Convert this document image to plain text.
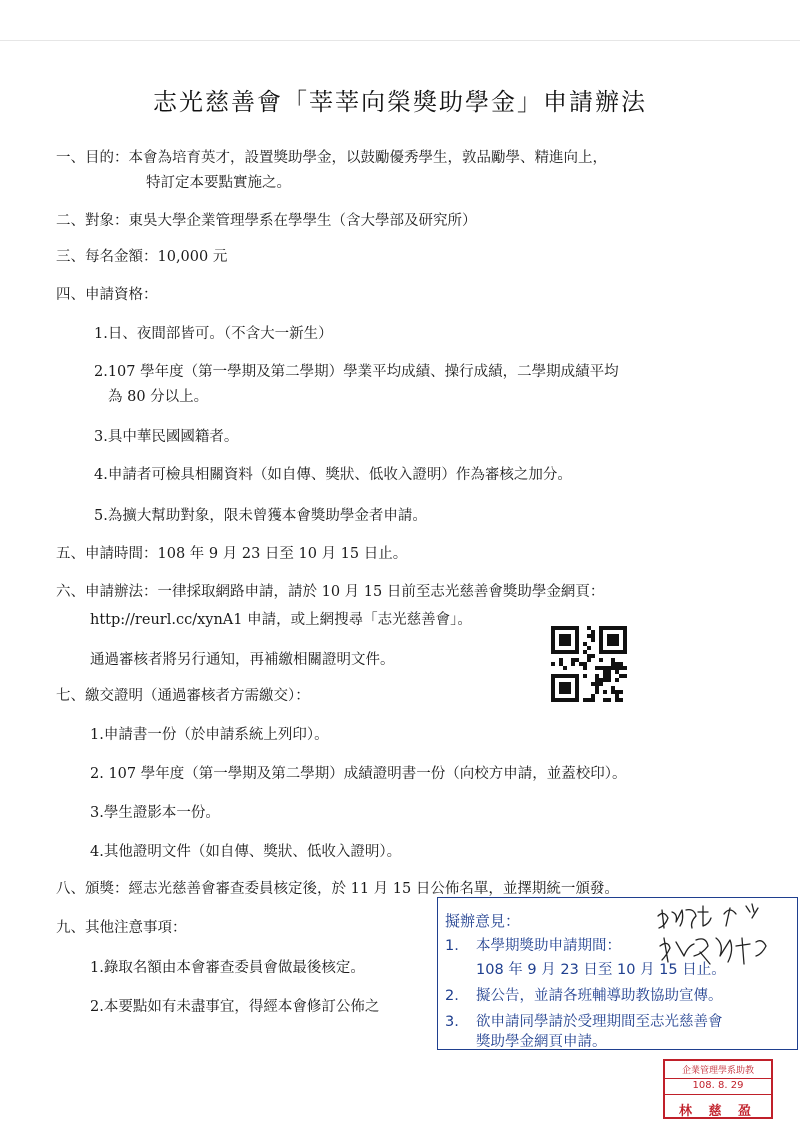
志光慈善會「莘莘向榮獎助學金」申請辦法
一、目的：本會為培育英才，設置獎助學金，以鼓勵優秀學生，敦品勵學、精進向上，
特訂定本要點實施之。
二、對象：東吳大學企業管理學系在學學生（含大學部及研究所）
三、每名金額：10,000 元
四、申請資格：
1.日、夜間部皆可。（不含大一新生）
2.107 學年度（第一學期及第二學期）學業平均成績、操行成績，二學期成績平均
為 80 分以上。
3.具中華民國國籍者。
4.申請者可檢具相關資料（如自傳、獎狀、低收入證明）作為審核之加分。
5.為擴大幫助對象，限未曾獲本會獎助學金者申請。
五、申請時間：108 年 9 月 23 日至 10 月 15 日止。
六、申請辦法：一律採取網路申請，請於 10 月 15 日前至志光慈善會獎助學金網頁：
http://reurl.cc/xynA1 申請，或上網搜尋「志光慈善會」。
通過審核者將另行通知，再補繳相關證明文件。
七、繳交證明（通過審核者方需繳交）：
1.申請書一份（於申請系統上列印）。
2. 107 學年度（第一學期及第二學期）成績證明書一份（向校方申請，並蓋校印）。
3.學生證影本一份。
4.其他證明文件（如自傳、獎狀、低收入證明）。
八、頒獎：經志光慈善會審查委員核定後，於 11 月 15 日公佈名單，並擇期統一頒發。
九、其他注意事項：
1.錄取名額由本會審查委員會做最後核定。
2.本要點如有未盡事宜，得經本會修訂公佈之
擬辦意見：
1. 本學期獎助申請期間：
108 年 9 月 23 日至 10 月 15 日止。
2. 擬公告，並請各班輔導助教協助宣傳。
3. 欲申請同學請於受理期間至志光慈善會
獎助學金網頁申請。
企業管理學系助教
108. 8. 29
林 慈 盈
